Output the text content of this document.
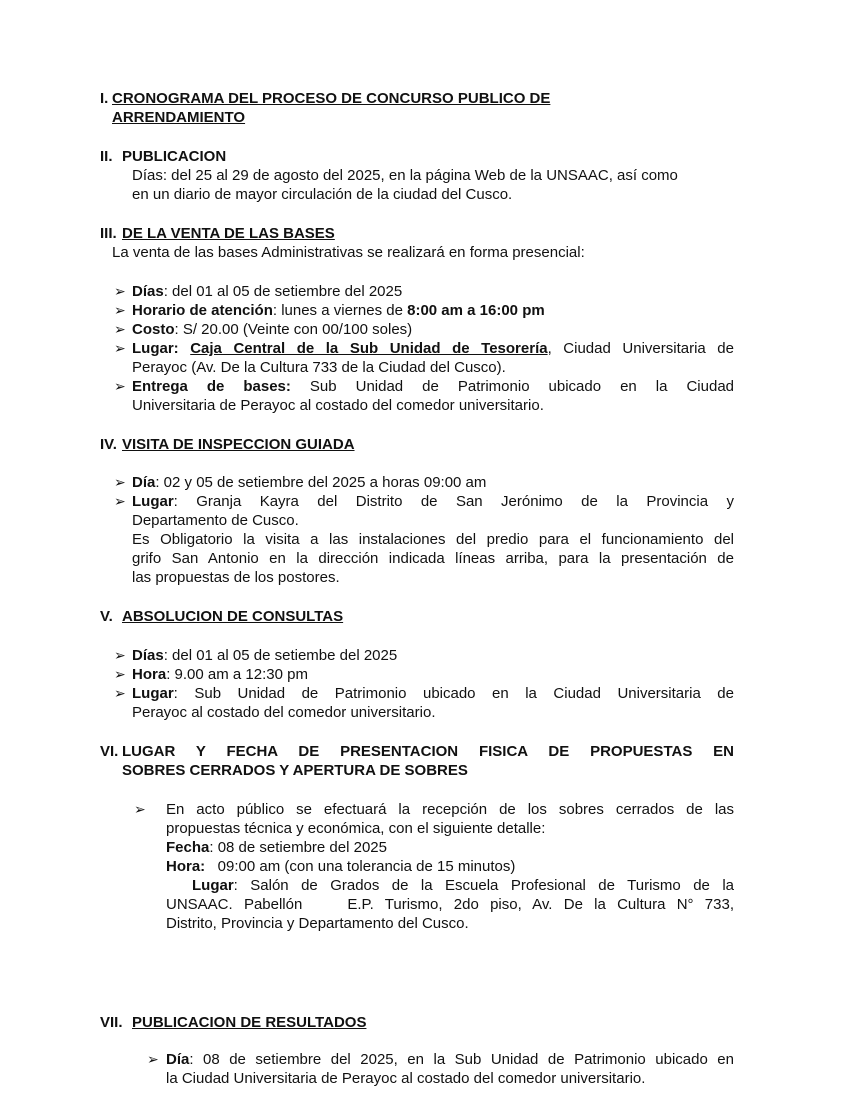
I. CRONOGRAMA DEL PROCESO DE CONCURSO PUBLICO DE
ARRENDAMIENTO
II. PUBLICACION
Días: del 25 al 29 de agosto del 2025, en la página Web de la UNSAAC, así como
en un diario de mayor circulación de la ciudad del Cusco.
III. DE LA VENTA DE LAS BASES
La venta de las bases Administrativas se realizará en forma presencial:
➢ Días: del 01 al 05 de setiembre del 2025
➢ Horario de atención: lunes a viernes de 8:00 am a 16:00 pm
➢ Costo: S/ 20.00 (Veinte con 00/100 soles)
➢ Lugar: Caja Central de la Sub Unidad de Tesorería, Ciudad Universitaria de
Perayoc (Av. De la Cultura 733 de la Ciudad del Cusco).
➢ Entrega de bases: Sub Unidad de Patrimonio ubicado en la Ciudad
Universitaria de Perayoc al costado del comedor universitario.
IV. VISITA DE INSPECCION GUIADA
➢ Día: 02 y 05 de setiembre del 2025 a horas 09:00 am
➢ Lugar: Granja Kayra del Distrito de San Jerónimo de la Provincia y
Departamento de Cusco.
Es Obligatorio la visita a las instalaciones del predio para el funcionamiento del
grifo San Antonio en la dirección indicada líneas arriba, para la presentación de
las propuestas de los postores.
V. ABSOLUCION DE CONSULTAS
➢ Días: del 01 al 05 de setiembe del 2025
➢ Hora: 9.00 am a 12:30 pm
➢ Lugar: Sub Unidad de Patrimonio ubicado en la Ciudad Universitaria de
Perayoc al costado del comedor universitario.
VI. LUGAR Y FECHA DE PRESENTACION FISICA DE PROPUESTAS EN
SOBRES CERRADOS Y APERTURA DE SOBRES
➢ En acto público se efectuará la recepción de los sobres cerrados de las
propuestas técnica y económica, con el siguiente detalle:
Fecha: 08 de setiembre del 2025
Hora:   09:00 am (con una tolerancia de 15 minutos)
Lugar: Salón de Grados de la Escuela Profesional de Turismo de la
UNSAAC. Pabellón    E.P. Turismo, 2do piso, Av. De la Cultura N° 733,
Distrito, Provincia y Departamento del Cusco.
VII. PUBLICACION DE RESULTADOS
➢ Día: 08 de setiembre del 2025, en la Sub Unidad de Patrimonio ubicado en
la Ciudad Universitaria de Perayoc al costado del comedor universitario.
